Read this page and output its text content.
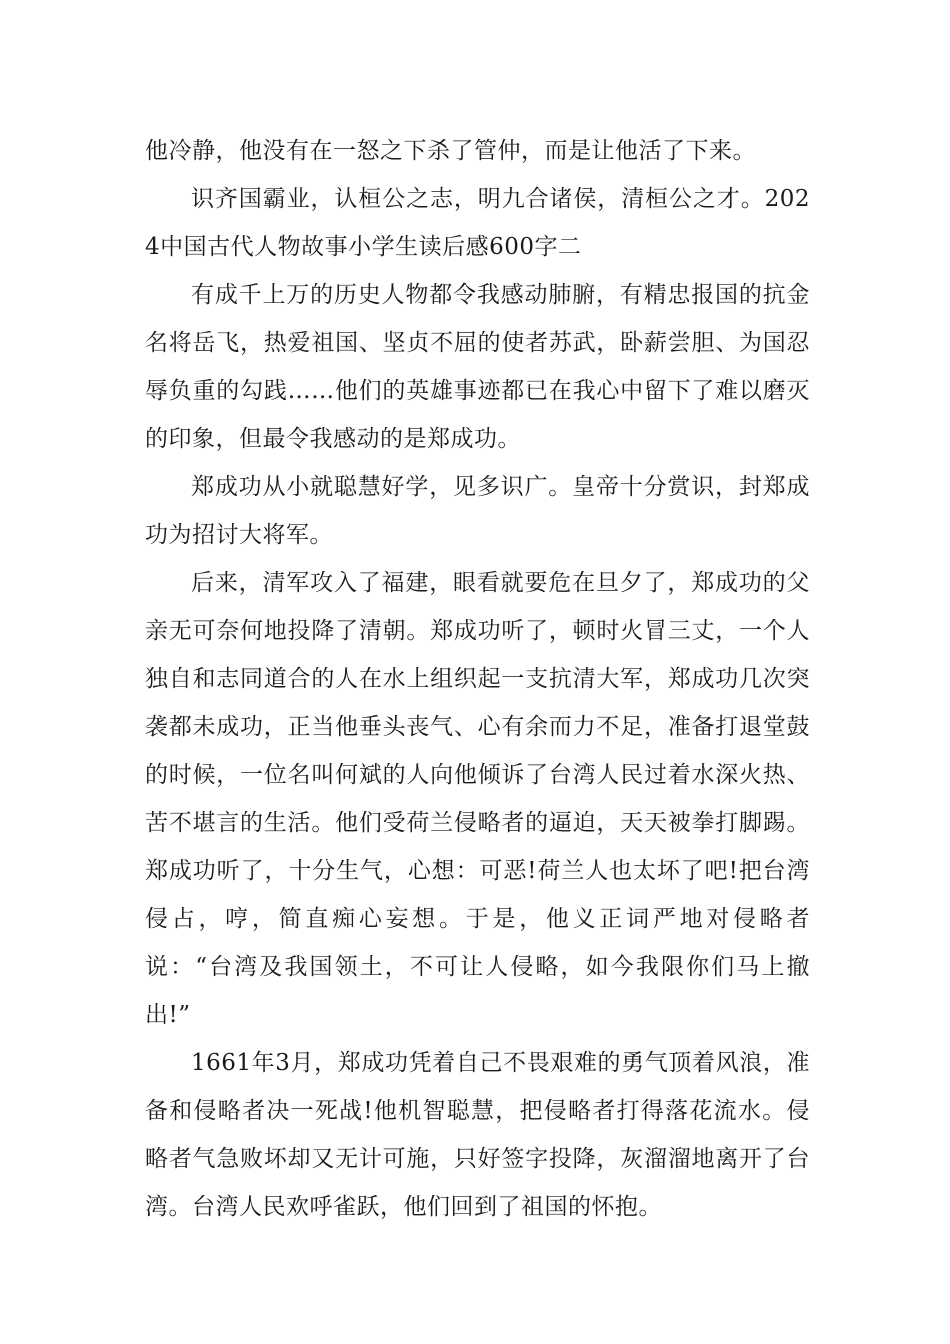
他冷静，他没有在一怒之下杀了管仲，而是让他活了下来。

识齐国霸业，认桓公之志，明九合诸侯，清桓公之才。2024中国古代人物故事小学生读后感600字二

有成千上万的历史人物都令我感动肺腑，有精忠报国的抗金名将岳飞，热爱祖国、坚贞不屈的使者苏武，卧薪尝胆、为国忍辱负重的勾践……他们的英雄事迹都已在我心中留下了难以磨灭的印象，但最令我感动的是郑成功。

郑成功从小就聪慧好学，见多识广。皇帝十分赏识，封郑成功为招讨大将军。

后来，清军攻入了福建，眼看就要危在旦夕了，郑成功的父亲无可奈何地投降了清朝。郑成功听了，顿时火冒三丈，一个人独自和志同道合的人在水上组织起一支抗清大军，郑成功几次突袭都未成功，正当他垂头丧气、心有余而力不足，准备打退堂鼓的时候，一位名叫何斌的人向他倾诉了台湾人民过着水深火热、苦不堪言的生活。他们受荷兰侵略者的逼迫，天天被拳打脚踢。郑成功听了，十分生气，心想：可恶!荷兰人也太坏了吧!把台湾侵占，哼，简直痴心妄想。于是，他义正词严地对侵略者说：“台湾及我国领土，不可让人侵略，如今我限你们马上撤出!”

1661年3月，郑成功凭着自己不畏艰难的勇气顶着风浪，准备和侵略者决一死战!他机智聪慧，把侵略者打得落花流水。侵略者气急败坏却又无计可施，只好签字投降，灰溜溜地离开了台湾。台湾人民欢呼雀跃，他们回到了祖国的怀抱。
